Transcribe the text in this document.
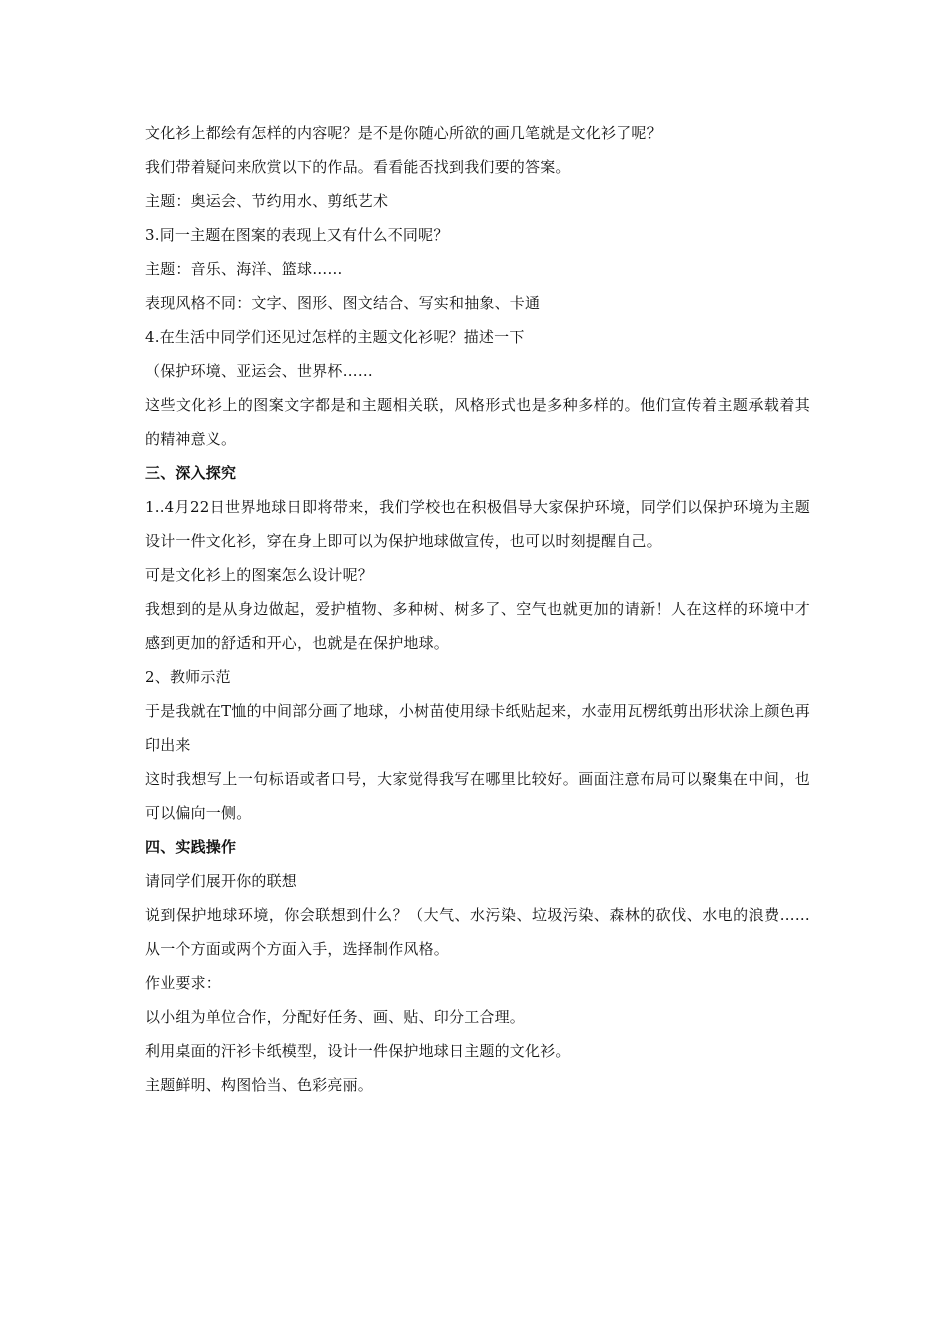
文化衫上都绘有怎样的内容呢？是不是你随心所欲的画几笔就是文化衫了呢？
我们带着疑问来欣赏以下的作品。看看能否找到我们要的答案。
主题：奥运会、节约用水、剪纸艺术
3.同一主题在图案的表现上又有什么不同呢？
主题：音乐、海洋、篮球……
表现风格不同：文字、图形、图文结合、写实和抽象、卡通
4.在生活中同学们还见过怎样的主题文化衫呢？描述一下
（保护环境、亚运会、世界杯……
这些文化衫上的图案文字都是和主题相关联，风格形式也是多种多样的。他们宣传着主题承载着其的精神意义。
三、深入探究
1..4月22日世界地球日即将带来，我们学校也在积极倡导大家保护环境，同学们以保护环境为主题设计一件文化衫，穿在身上即可以为保护地球做宣传，也可以时刻提醒自己。
可是文化衫上的图案怎么设计呢？
我想到的是从身边做起，爱护植物、多种树、树多了、空气也就更加的请新！人在这样的环境中才感到更加的舒适和开心，也就是在保护地球。
2、教师示范
于是我就在T恤的中间部分画了地球，小树苗使用绿卡纸贴起来，水壶用瓦楞纸剪出形状涂上颜色再印出来
这时我想写上一句标语或者口号，大家觉得我写在哪里比较好。画面注意布局可以聚集在中间，也可以偏向一侧。
四、实践操作
请同学们展开你的联想
说到保护地球环境，你会联想到什么？（大气、水污染、垃圾污染、森林的砍伐、水电的浪费……从一个方面或两个方面入手，选择制作风格。
作业要求：
以小组为单位合作，分配好任务、画、贴、印分工合理。
利用桌面的汗衫卡纸模型，设计一件保护地球日主题的文化衫。
主题鲜明、构图恰当、色彩亮丽。
